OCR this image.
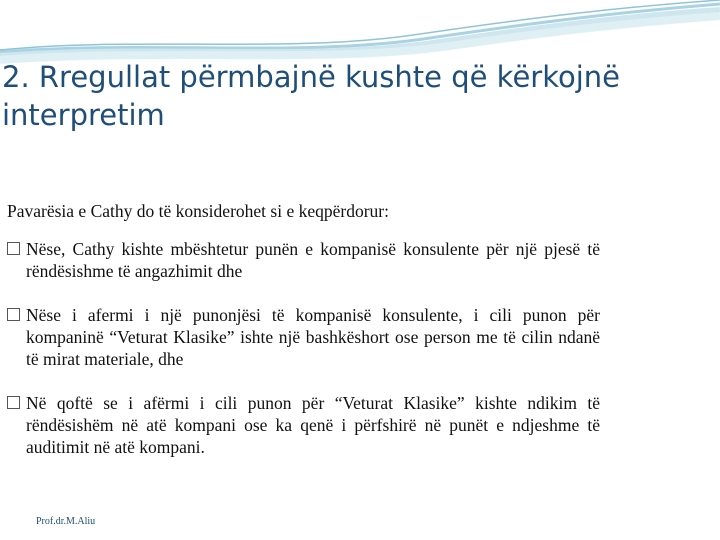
2. Rregullat përmbajnë kushte që kërkojnë interpretim

Pavarësia e Cathy do të konsiderohet si e keqpërdorur:

Nëse, Cathy kishte mbështetur punën e kompanisë konsulente për një pjesë të rëndësishme të angazhimit dhe
Nëse i afermi i një punonjësi të kompanisë konsulente, i cili punon për kompaninë “Veturat Klasike” ishte një bashkëshort ose person me të cilin ndanë të mirat materiale, dhe
Në qoftë se i afërmi i cili punon për “Veturat Klasike” kishte ndikim të rëndësishëm në atë kompani ose ka qenë i përfshirë në punët e ndjeshme të auditimit në atë kompani.
Prof.dr.M.Aliu
